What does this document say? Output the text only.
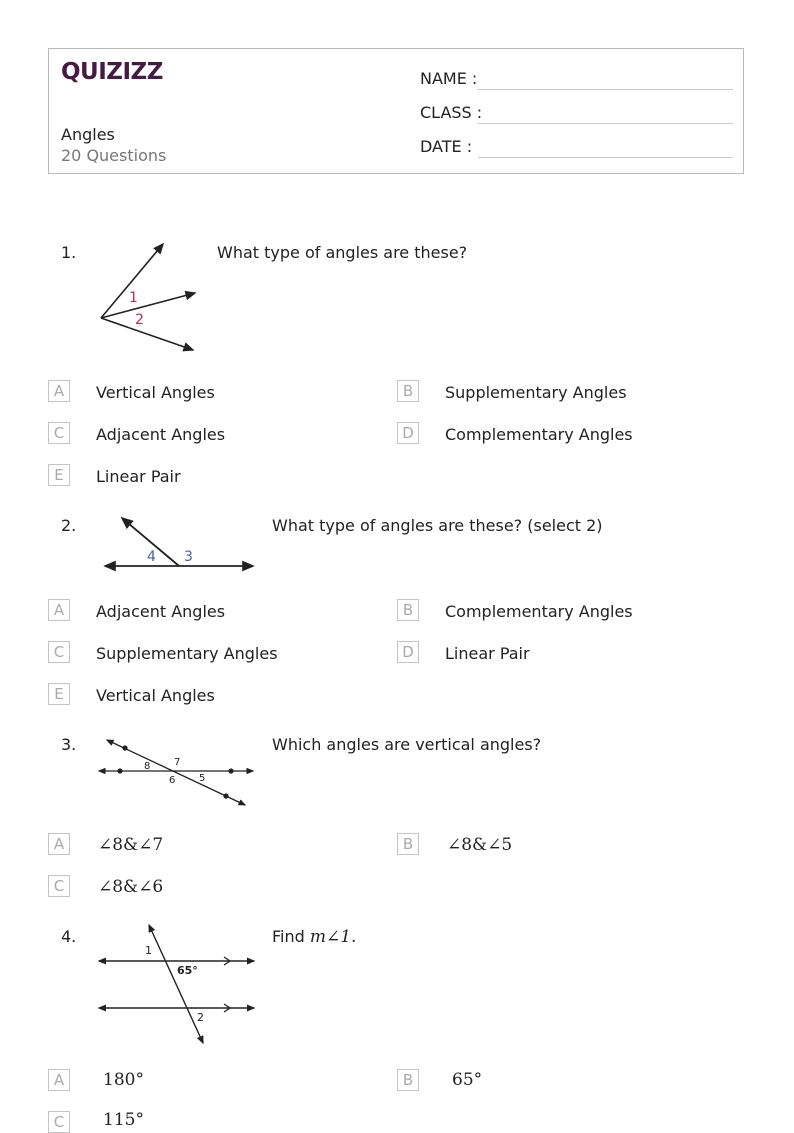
QUIZIZZ
Angles
20 Questions
NAME :
CLASS :
DATE :
1.
1
2
What type of angles are these?
A	Vertical Angles	B	Supplementary Angles
C	Adjacent Angles	D	Complementary Angles
E	Linear Pair
2.
4 3
What type of angles are these? (select 2)
A	Adjacent Angles	B	Complementary Angles
C	Supplementary Angles	D	Linear Pair
E	Vertical Angles
3.
8 7
6 5
Which angles are vertical angles?
A	∠8&∠7	B	∠8&∠5
C	∠8&∠6
4.
1
65°
2
Find m∠1.
A	180°	B	65°
C	115°
